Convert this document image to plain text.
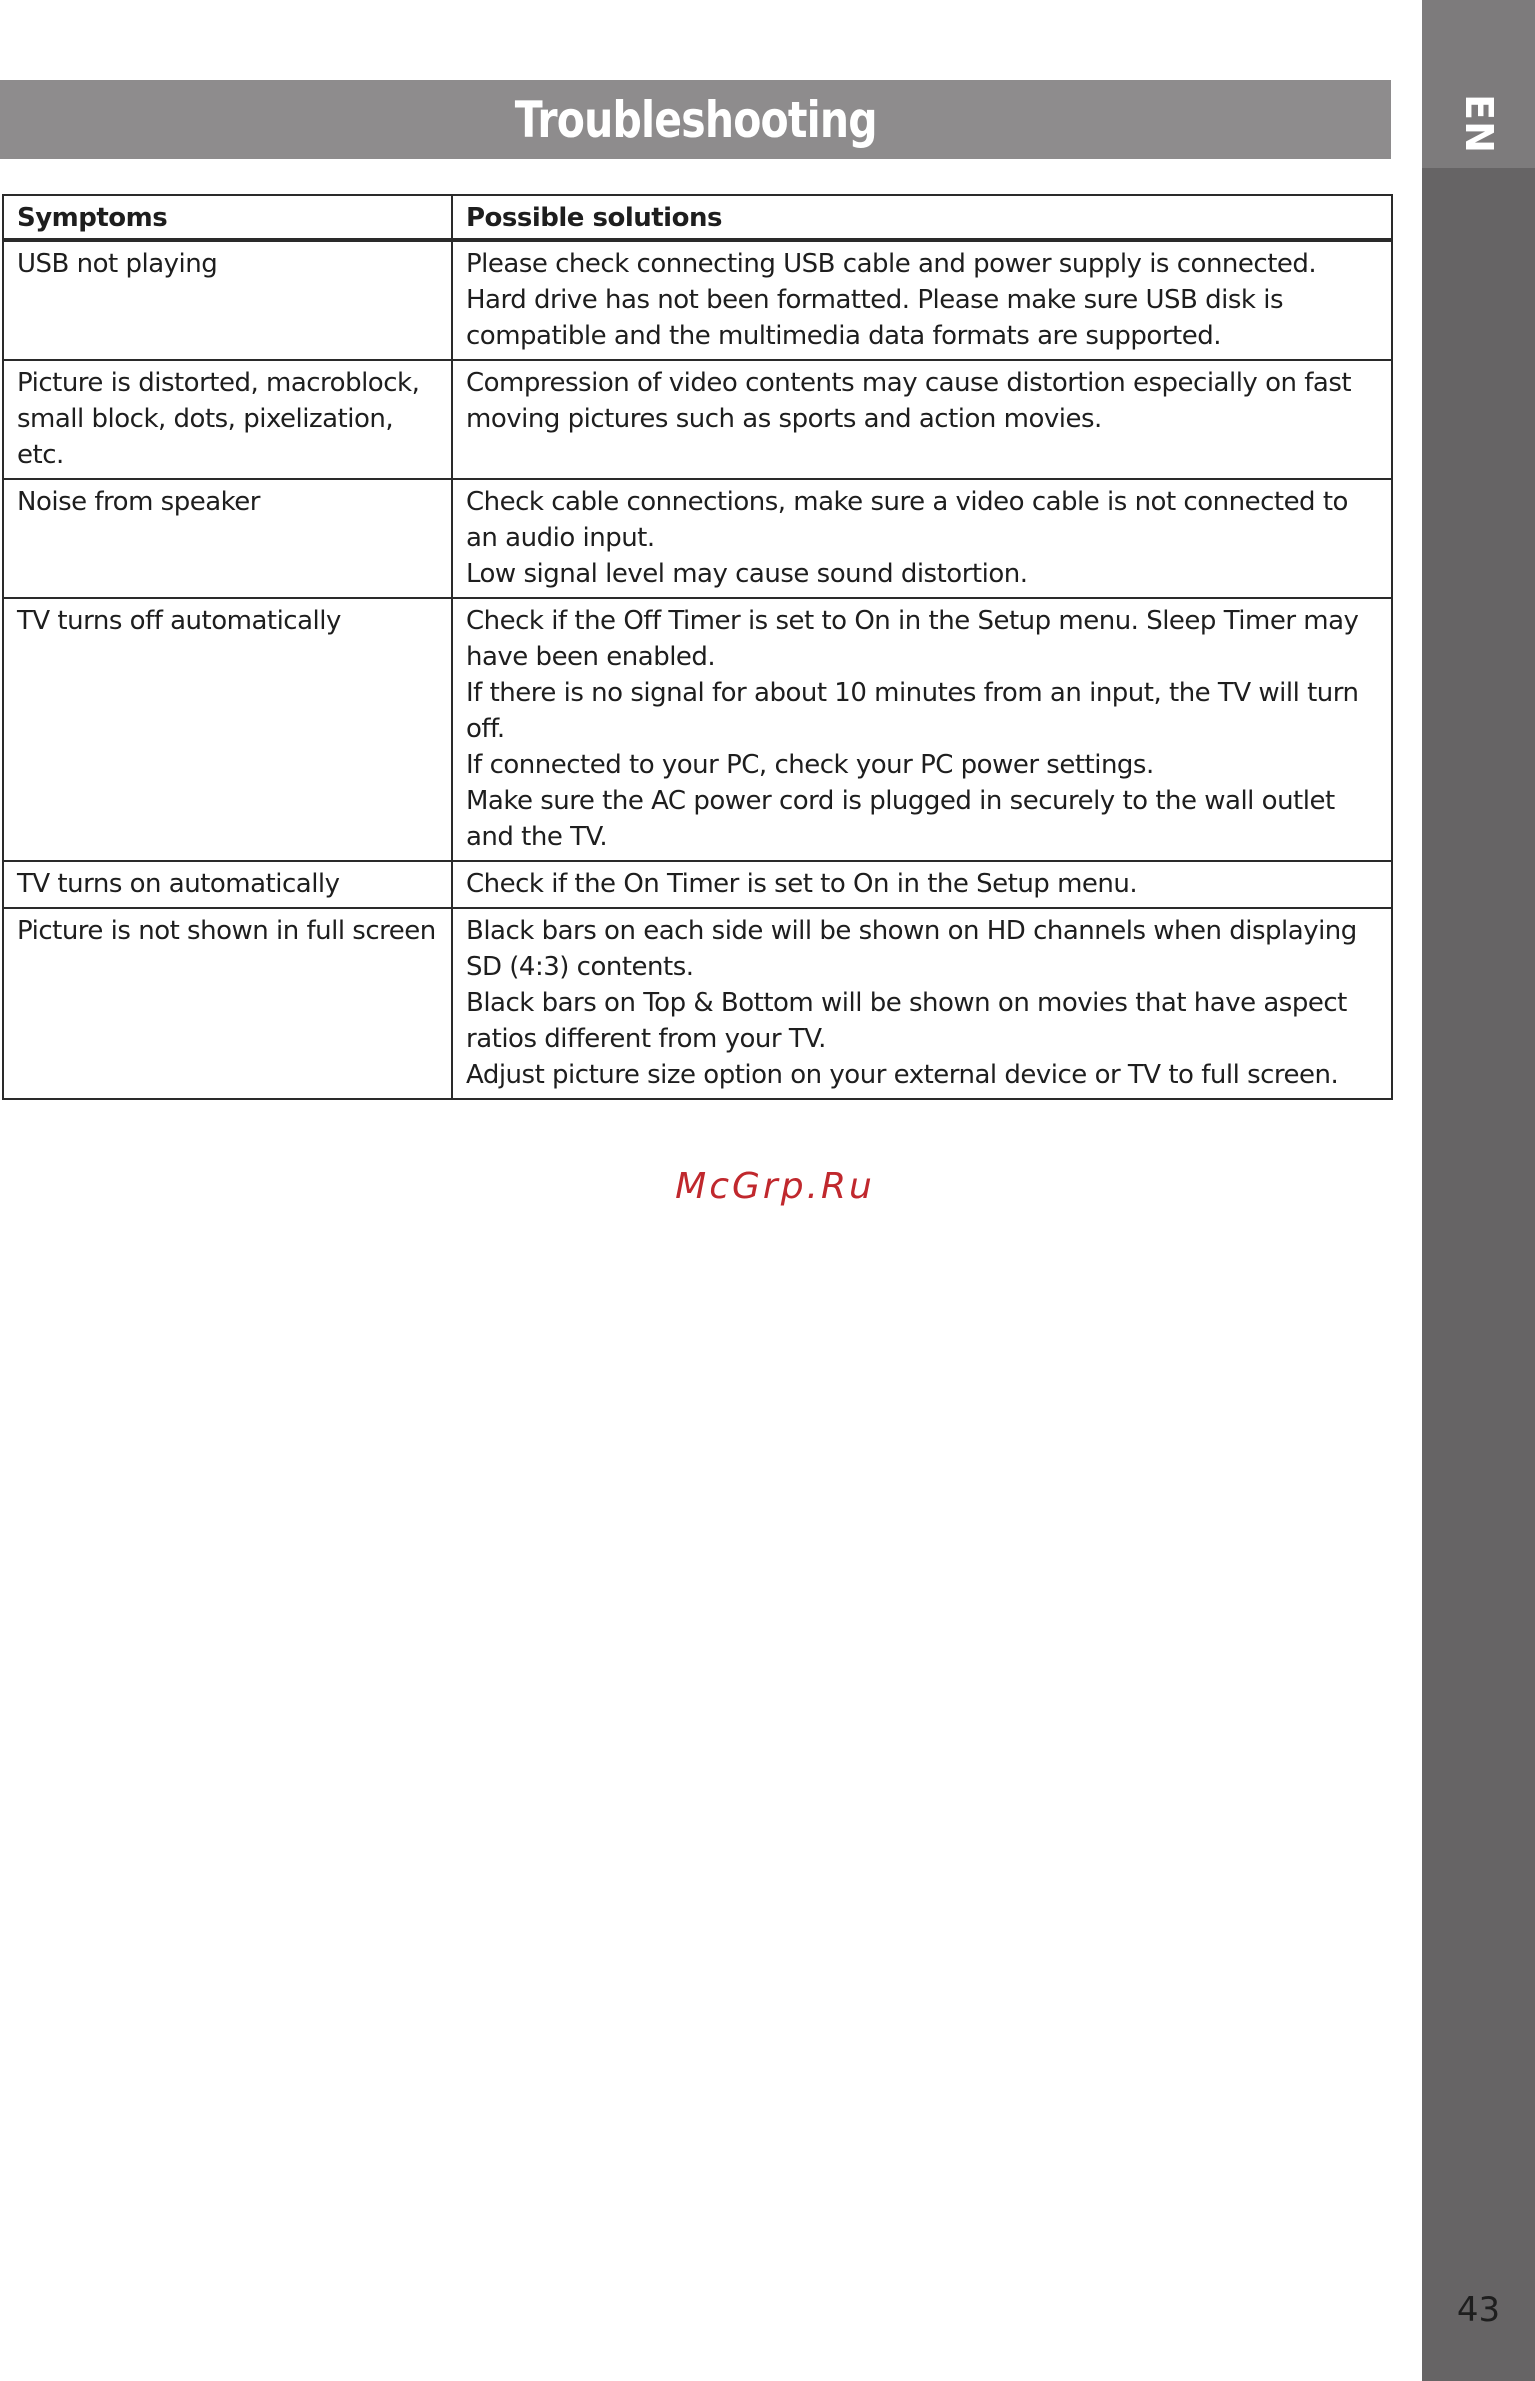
EN
Troubleshooting
Symptoms	Possible solutions

USB not playing	Please check connecting USB cable and power supply is connected. Hard drive has not been formatted. Please make sure USB disk is compatible and the multimedia data formats are supported.

Picture is distorted, macroblock, small block, dots, pixelization, etc.	Compression of video contents may cause distortion especially on fast moving pictures such as sports and action movies.

Noise from speaker	Check cable connections, make sure a video cable is not connected to an audio input.
Low signal level may cause sound distortion.

TV turns off automatically	Check if the Off Timer is set to On in the Setup menu. Sleep Timer may have been enabled.
If there is no signal for about 10 minutes from an input, the TV will turn off.
If connected to your PC, check your PC power settings.
Make sure the AC power cord is plugged in securely to the wall outlet and the TV.

TV turns on automatically	Check if the On Timer is set to On in the Setup menu.

Picture is not shown in full screen	Black bars on each side will be shown on HD channels when displaying SD (4:3) contents.
Black bars on Top & Bottom will be shown on movies that have aspect ratios different from your TV.
Adjust picture size option on your external device or TV to full screen.
McGrp.Ru
43
